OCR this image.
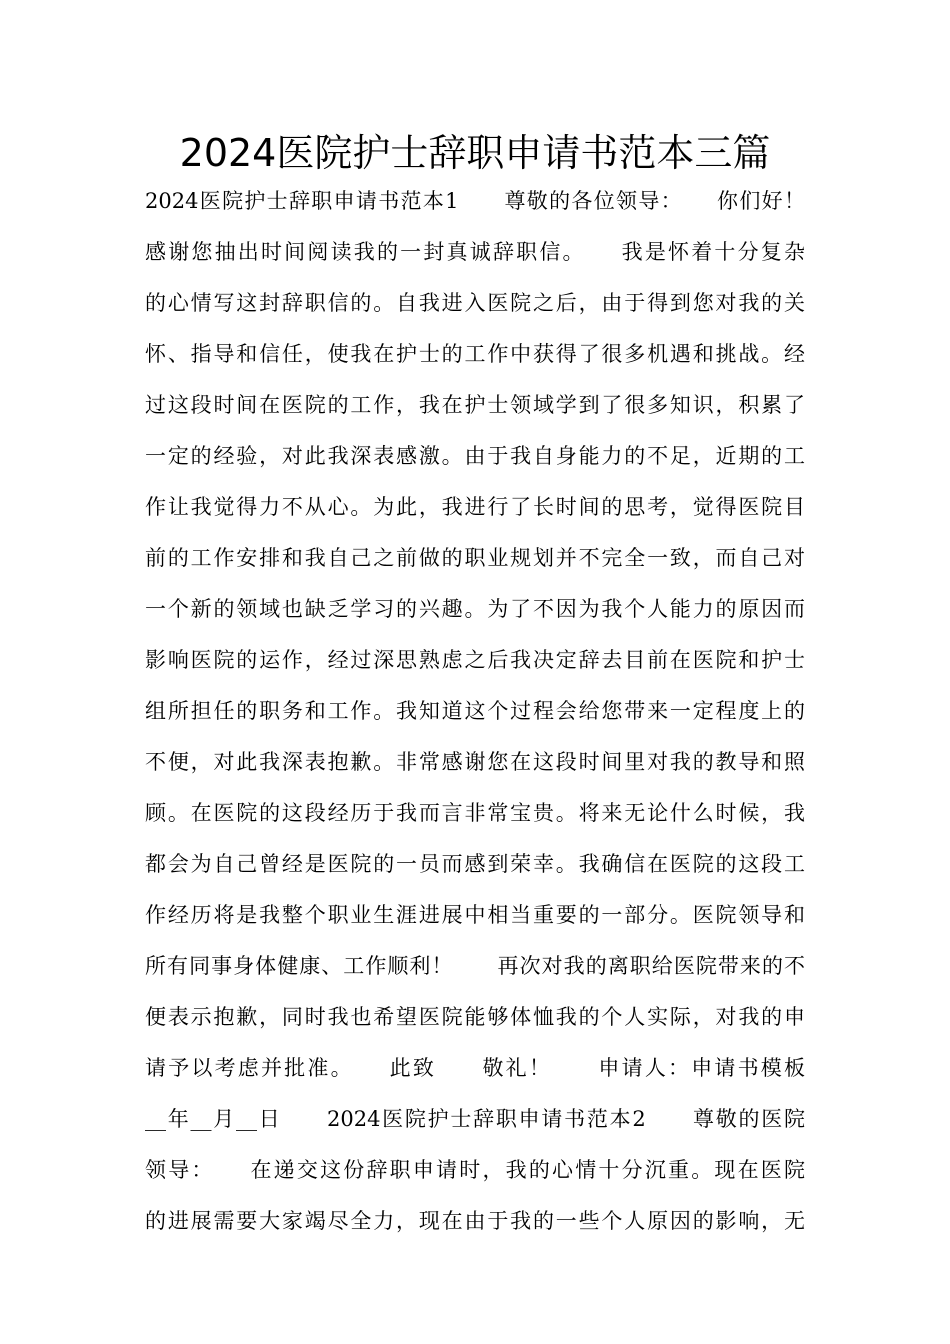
2024医院护士辞职申请书范本三篇
2024医院护士辞职申请书范本1　　尊敬的各位领导：　　你们好！
感谢您抽出时间阅读我的一封真诚辞职信。　　我是怀着十分复杂
的心情写这封辞职信的。自我进入医院之后，由于得到您对我的关
怀、指导和信任，使我在护士的工作中获得了很多机遇和挑战。经
过这段时间在医院的工作，我在护士领域学到了很多知识，积累了
一定的经验，对此我深表感激。由于我自身能力的不足，近期的工
作让我觉得力不从心。为此，我进行了长时间的思考，觉得医院目
前的工作安排和我自己之前做的职业规划并不完全一致，而自己对
一个新的领域也缺乏学习的兴趣。为了不因为我个人能力的原因而
影响医院的运作，经过深思熟虑之后我决定辞去目前在医院和护士
组所担任的职务和工作。我知道这个过程会给您带来一定程度上的
不便，对此我深表抱歉。非常感谢您在这段时间里对我的教导和照
顾。在医院的这段经历于我而言非常宝贵。将来无论什么时候，我
都会为自己曾经是医院的一员而感到荣幸。我确信在医院的这段工
作经历将是我整个职业生涯进展中相当重要的一部分。医院领导和
所有同事身体健康、工作顺利！　　再次对我的离职给医院带来的不
便表示抱歉，同时我也希望医院能够体恤我的个人实际，对我的申
请予以考虑并批准。　　此致　　敬礼！　　申请人：申请书模板
__年__月__日　　2024医院护士辞职申请书范本2　　尊敬的医院
领导：　　在递交这份辞职申请时，我的心情十分沉重。现在医院
的进展需要大家竭尽全力，现在由于我的一些个人原因的影响，无
